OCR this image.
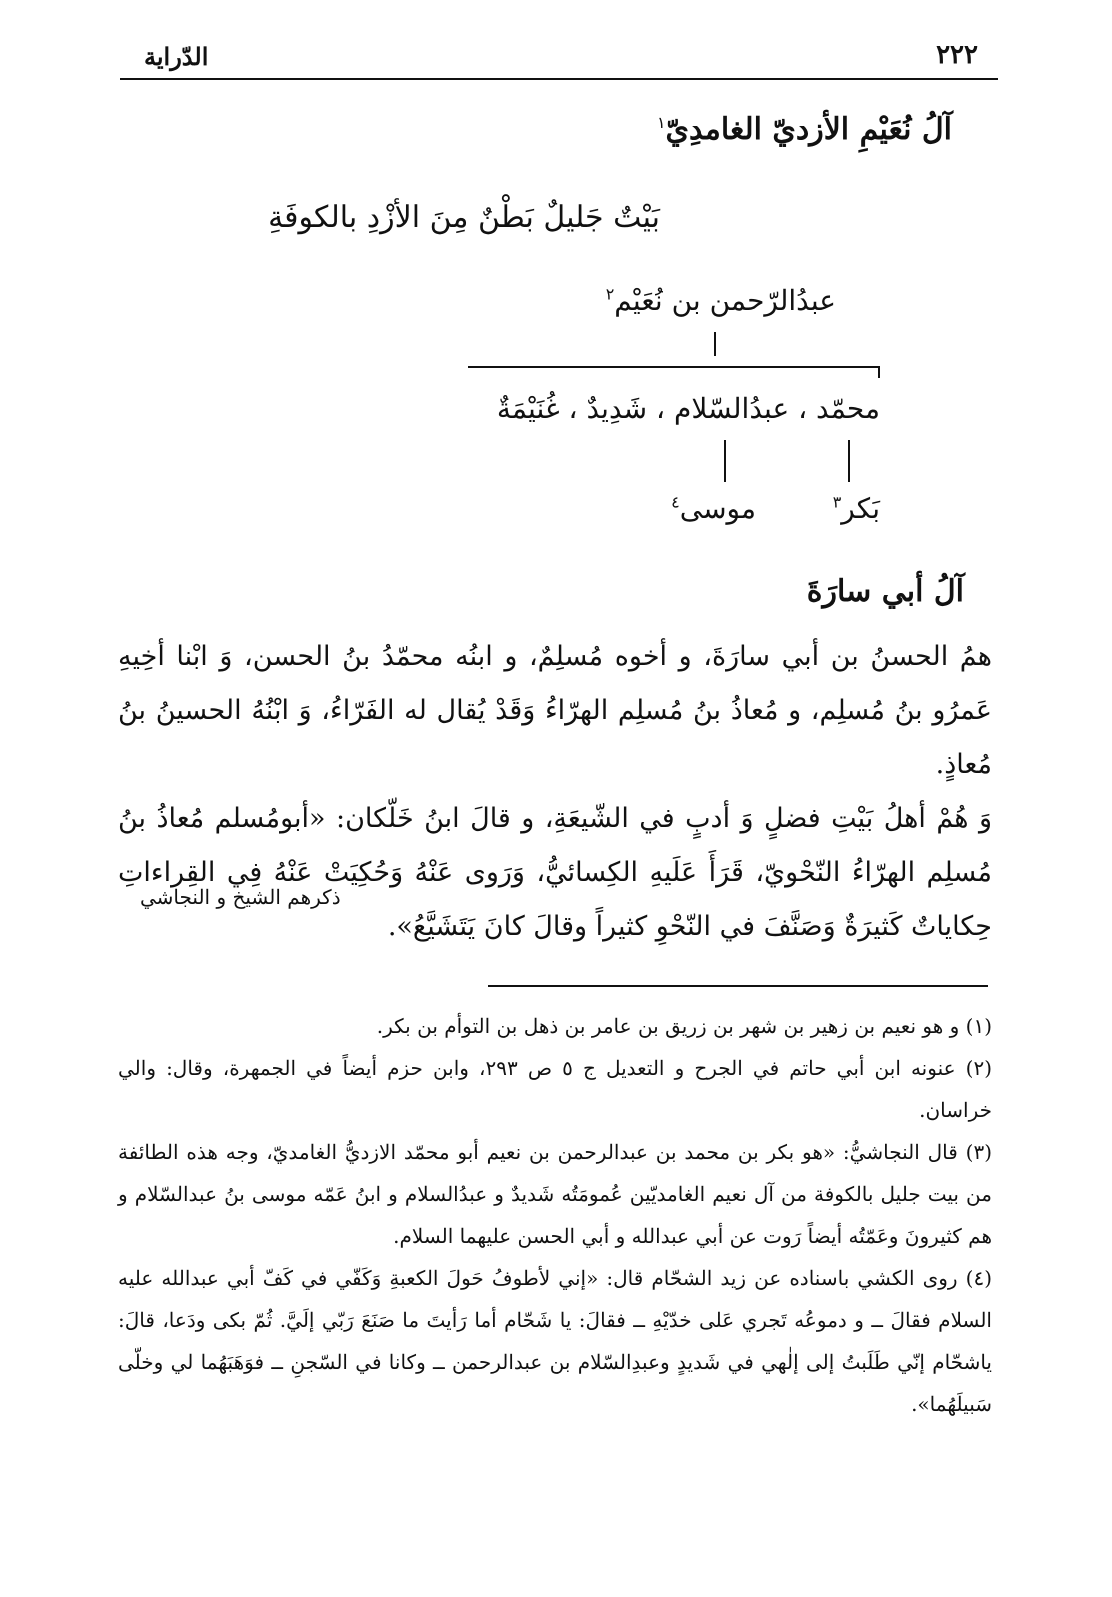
٢٢٢
الدّراية
آلُ نُعَيْمِ الأزديّ الغامدِيّ$^١$
بَيْتٌ جَليلٌ بَطْنٌ مِنَ الأزْدِ بالكوفَةِ
عبدُالرّحمن بن نُعَيْم$^٢$
محمّد ، عبدُالسّلام ، شَدِيدٌ ، غُنَيْمَةٌ
بَكر$^٣$
موسى$^٤$
آلُ أبي سارَةَ

همُ الحسنُ بن أبي سارَةَ، و أخوه مُسلِمٌ، و ابنُه محمّدُ بنُ الحسن، وَ ابْنا أخِيهِ عَمرُو بنُ مُسلِم، و مُعاذُ بنُ مُسلِم الهرّاءُ وَقَدْ يُقال له الفَرّاءُ، وَ ابْنُهُ الحسينُ بنُ مُعاذٍ.

وَ هُمْ أهلُ بَيْتِ فضلٍ وَ أدبٍ في الشّيعَةِ، و قالَ ابنُ خَلّكان: «أبومُسلم مُعاذُ بنُ مُسلِم الهرّاءُ النّحْويّ، قَرَأَ عَلَيهِ الكِسائيُّ، وَرَوى عَنْهُ وَحُكِيَتْ عَنْهُ فِي القِراءاتِ حِكاياتٌ كَثيرَةٌ وَصَنَّفَ في النّحْوِ كثيراً وقالَ كانَ يَتَشَيَّعُ».

ذكرهم الشيخ و النجاشي

(١) و هو نعيم بن زهير بن شهر بن زريق بن عامر بن ذهل بن التوأم بن بكر.

(٢) عنونه ابن أبي حاتم في الجرح و التعديل ج ٥ ص ٢٩٣، وابن حزم أيضاً في الجمهرة، وقال: والي خراسان.

(٣) قال النجاشيُّ: «هو بكر بن محمد بن عبدالرحمن بن نعيم أبو محمّد الازديُّ الغامديّ، وجه هذه الطائفة من بيت جليل بالكوفة من آل نعيم الغامديّين عُمومَتُه شَديدٌ و عبدُالسلام و ابنُ عَمّه موسى بنُ عبدالسّلام و هم كثيرونَ وعَمّتُه أيضاً رَوت عن أبي عبدالله و أبي الحسن عليهما السلام.

(٤) روى الكشي باسناده عن زيد الشحّام قال: «إني لأطوفُ حَولَ الكعبةِ وَكَفّي في كَفّ أبي عبدالله عليه السلام فقالَ ــ و دموعُه تَجري عَلى خدّيْهِ ــ فقالَ: يا شَحّام أما رَأيتَ ما صَنَعَ رَبّي إلَيَّ. ثُمّ بكى ودَعا، قالَ: ياشحّام إنّي طَلَبتُ إلى إلٰهي في شَديدٍ وعبدِالسّلام بن عبدالرحمن ــ وكانا في السّجنِ ــ فوَهَبَهُما لي وخلّى سَبيلَهُما».
